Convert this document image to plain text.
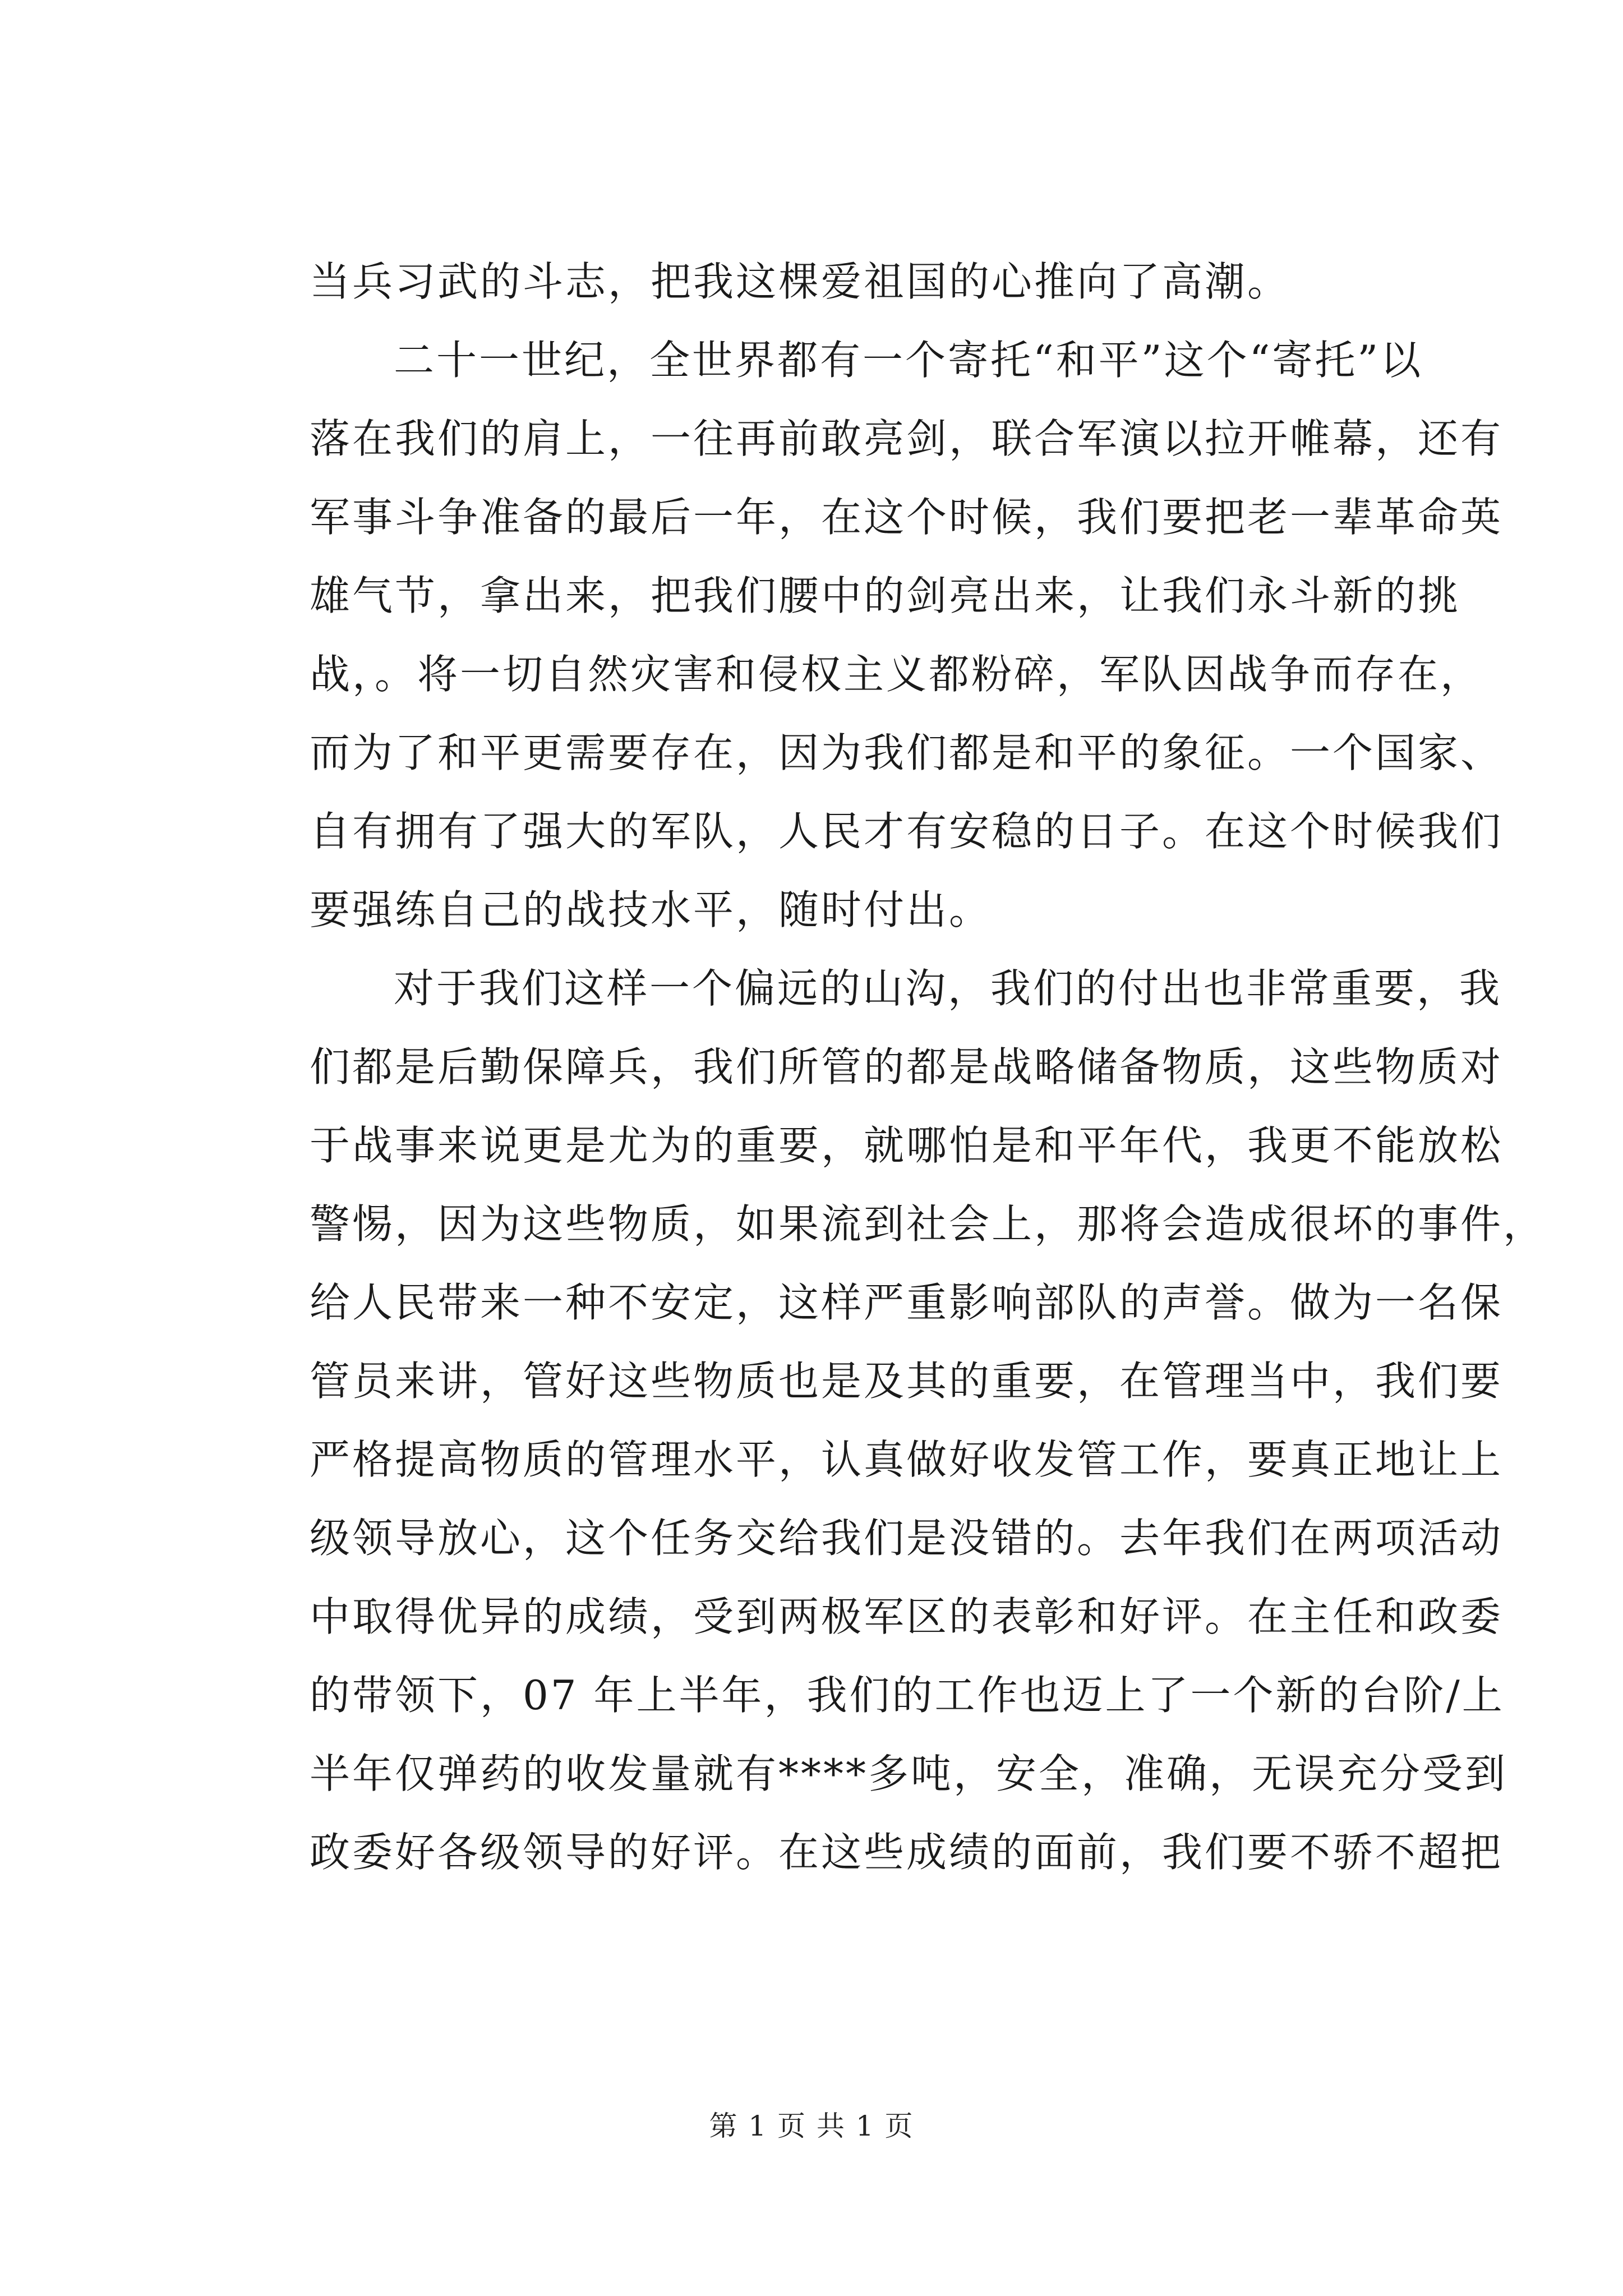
当兵习武的斗志，把我这棵爱祖国的心推向了高潮。
二十一世纪，全世界都有一个寄托“和平”这个“寄托”以
落在我们的肩上，一往再前敢亮剑，联合军演以拉开帷幕，还有
军事斗争准备的最后一年，在这个时候，我们要把老一辈革命英
雄气节，拿出来，把我们腰中的剑亮出来，让我们永斗新的挑
战，。将一切自然灾害和侵权主义都粉碎，军队因战争而存在，
而为了和平更需要存在，因为我们都是和平的象征。一个国家、
自有拥有了强大的军队，人民才有安稳的日子。在这个时候我们
要强练自己的战技水平，随时付出。
对于我们这样一个偏远的山沟，我们的付出也非常重要，我
们都是后勤保障兵，我们所管的都是战略储备物质，这些物质对
于战事来说更是尤为的重要，就哪怕是和平年代，我更不能放松
警惕，因为这些物质，如果流到社会上，那将会造成很坏的事件，
给人民带来一种不安定，这样严重影响部队的声誉。做为一名保
管员来讲，管好这些物质也是及其的重要，在管理当中，我们要
严格提高物质的管理水平，认真做好收发管工作，要真正地让上
级领导放心，这个任务交给我们是没错的。去年我们在两项活动
中取得优异的成绩，受到两极军区的表彰和好评。在主任和政委
的带领下，07 年上半年，我们的工作也迈上了一个新的台阶/上
半年仅弹药的收发量就有****多吨，安全，准确，无误充分受到
政委好各级领导的好评。在这些成绩的面前，我们要不骄不超把
第 1 页 共 1 页
